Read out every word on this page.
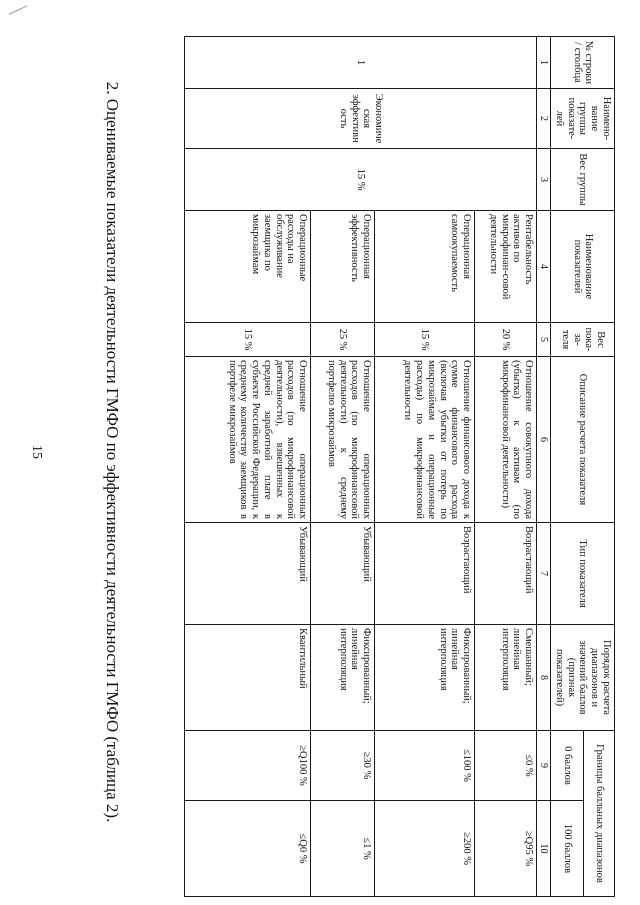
15	2. Оцениваемые показатели деятельности ГМФО по эффективности деятельности ГМФО (таблица 2).
№ строки / столбца	Наимено-вание группы показате-лей	Вес группы	Наименование показателей	Вес пока-за-теля	Описание расчета показателя	Тип показателя	Порядок расчета диапазонов и значений баллов (признак показателей)	Границы балльных диапазонов	
								0 баллов	100 баллов
1	2	3	4	5	6	7	8	9	10
1	Экономиче ская эффективн ость	15 %	Рентабельность активов по микрофинан-совой деятельности	20 %	Отношение совокупного дохода (убытка) к активам (по микрофинансовой деятельности)	Возрастающий	Смешанный; линейная интерполяция	≤0 %	≥Q95 %
			Операционная самоокупаемость	15 %	Отношение финансового дохода к сумме финансового расхода (включая убытки от потерь по микрозаймам и операционные расходы) по микрофинансовой деятельности	Возрастающий	Фиксированный; линейная интерполяция	≤100 %	≥200 %
			Операционная эффективность	25 %	Отношение операционных расходов (по микрофинансовой деятельности) к среднему портфелю микрозаймов	Убывающий	Фиксированный; линейная интерполяция	≥30 %	≤1 %
			Операционные расходы на обслуживание заемщика по микрозаймам	15 %	Отношение операционных расходов (по микрофинансовой деятельности), взвешенных к средней заработной плате в субъекте Российской Федерации, к среднему количеству заемщиков в портфеле микрозаймов	Убывающий	Квантильный	≥Q100 %	≤Q0 %
